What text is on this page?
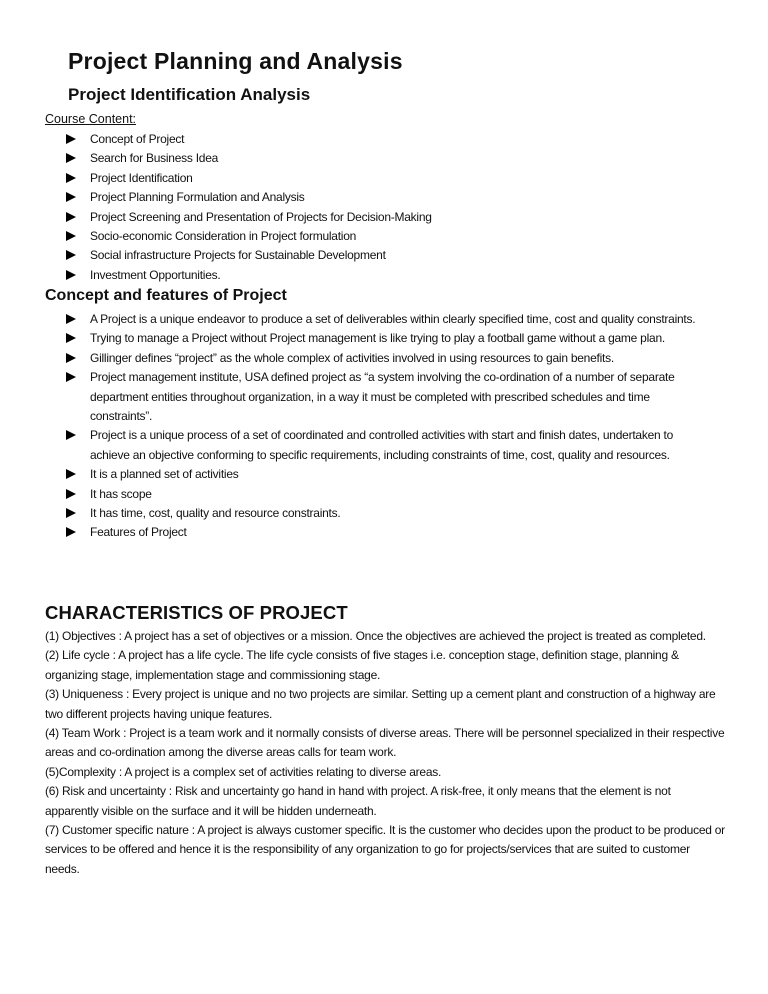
Project Planning and Analysis
Project Identification Analysis

Course Content:

Concept of Project
Search for Business Idea
Project Identification
Project Planning Formulation and Analysis
Project Screening and Presentation of Projects for Decision-Making
Socio-economic Consideration in Project formulation
Social infrastructure Projects for Sustainable Development
Investment Opportunities.
Concept and features of Project
A Project is a unique endeavor to produce a set of deliverables within clearly specified time, cost and quality constraints.
Trying to manage a Project without Project management is like trying to play a football game without a game plan.
Gillinger defines “project” as the whole complex of activities involved in using resources to gain benefits.
Project management institute, USA defined project as “a system involving the co-ordination of a number of separate department entities throughout organization, in a way it must be completed with prescribed schedules and time constraints”.
Project is a unique process of a set of coordinated and controlled activities with start and finish dates, undertaken to achieve an objective conforming to specific requirements, including constraints of time, cost, quality and resources.
It is a planned set of activities
It has scope
It has time, cost, quality and resource constraints.
Features of Project
CHARACTERISTICS OF PROJECT

(1) Objectives : A project has a set of objectives or a mission. Once the objectives are achieved the project is treated as completed.

(2) Life cycle : A project has a life cycle. The life cycle consists of five stages i.e. conception stage, definition stage, planning & organizing stage, implementation stage and commissioning stage.

(3) Uniqueness : Every project is unique and no two projects are similar. Setting up a cement plant and construction of a highway are two different projects having unique features.

(4) Team Work : Project is a team work and it normally consists of diverse areas. There will be personnel specialized in their respective areas and co-ordination among the diverse areas calls for team work.

(5)Complexity : A project is a complex set of activities relating to diverse areas.

(6) Risk and uncertainty : Risk and uncertainty go hand in hand with project. A risk-free, it only means that the element is not apparently visible on the surface and it will be hidden underneath.

(7) Customer specific nature : A project is always customer specific. It is the customer who decides upon the product to be produced or services to be offered and hence it is the responsibility of any organization to go for projects/services that are suited to customer needs.
